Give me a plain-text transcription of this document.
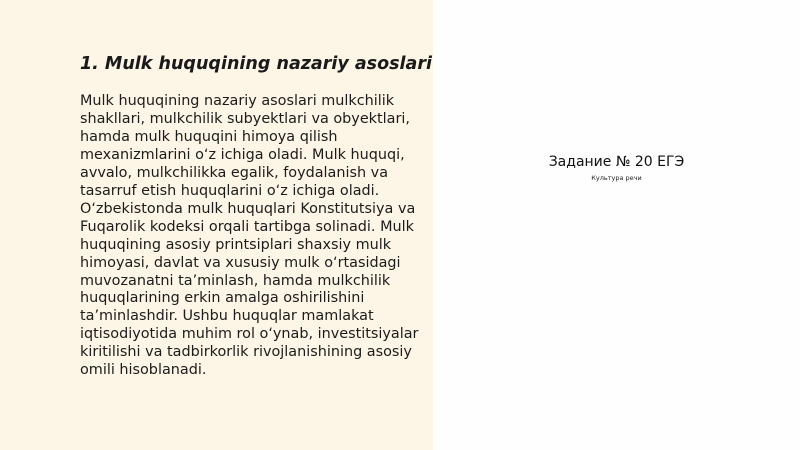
1. Mulk huquqining nazariy asoslari

Mulk huquqining nazariy asoslari mulkchilik shakllari, mulkchilik subyektlari va obyektlari, hamda mulk huquqini himoya qilish mexanizmlarini o‘z ichiga oladi. Mulk huquqi, avvalo, mulkchilikka egalik, foydalanish va tasarruf etish huquqlarini o‘z ichiga oladi. O‘zbekistonda mulk huquqlari Konstitutsiya va Fuqarolik kodeksi orqali tartibga solinadi. Mulk huquqining asosiy printsiplari shaxsiy mulk himoyasi, davlat va xususiy mulk o‘rtasidagi muvozanatni ta’minlash, hamda mulkchilik huquqlarining erkin amalga oshirilishini ta’minlashdir. Ushbu huquqlar mamlakat iqtisodiyotida muhim rol o‘ynab, investitsiyalar kiritilishi va tadbirkorlik rivojlanishining asosiy omili hisoblanadi.

Задание № 20 ЕГЭ
Культура речи
